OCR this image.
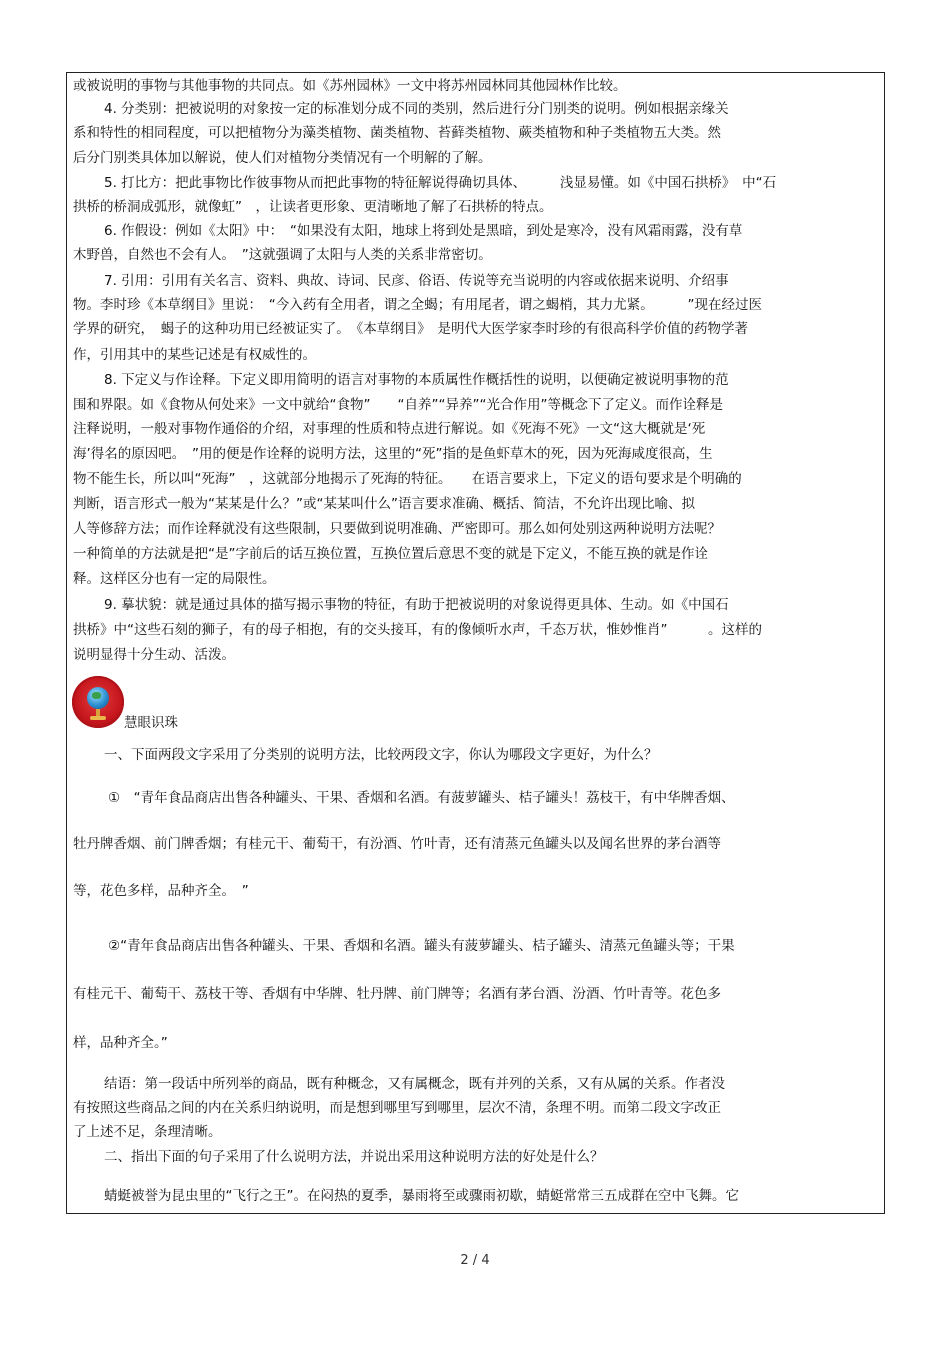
或被说明的事物与其他事物的共同点。如《苏州园林》一文中将苏州园林同其他园林作比较。
4. 分类别：把被说明的对象按一定的标准划分成不同的类别，然后进行分门别类的说明。例如根据亲缘关
系和特性的相同程度，可以把植物分为藻类植物、菌类植物、苔藓类植物、蕨类植物和种子类植物五大类。然
后分门别类具体加以解说，使人们对植物分类情况有一个明解的了解。
5. 打比方：把此事物比作彼事物从而把此事物的特征解说得确切具体、　　　浅显易懂。如《中国石拱桥》　中“石
拱桥的桥洞成弧形，就像虹”　，让读者更形象、更清晰地了解了石拱桥的特点。
6. 作假设：例如《太阳》中：　“如果没有太阳，地球上将到处是黑暗，到处是寒冷，没有风霜雨露，没有草
木野兽，自然也不会有人。　”这就强调了太阳与人类的关系非常密切。
7. 引用：引用有关名言、资料、典故、诗词、民彦、俗语、传说等充当说明的内容或依据来说明、介绍事
物。李时珍《本草纲目》里说：　“今入药有全用者，谓之全蝎；有用尾者，谓之蝎梢，其力尤紧。　　　”现在经过医
学界的研究，　蝎子的这种功用已经被证实了。　《本草纲目》　是明代大医学家李时珍的有很高科学价值的药物学著
作，引用其中的某些记述是有权威性的。
8. 下定义与作诠释。下定义即用简明的语言对事物的本质属性作概括性的说明，以便确定被说明事物的范
围和界限。如《食物从何处来》一文中就给“食物”　　“自养”“异养”“光合作用”等概念下了定义。而作诠释是
注释说明，一般对事物作通俗的介绍，对事理的性质和特点进行解说。如《死海不死》一文“这大概就是‘死
海’得名的原因吧。　”用的便是作诠释的说明方法，这里的“死”指的是鱼虾草木的死，因为死海咸度很高，生
物不能生长，所以叫“死海”　，这就部分地揭示了死海的特征。　　在语言要求上，下定义的语句要求是个明确的
判断，语言形式一般为“某某是什么？”或“某某叫什么”语言要求准确、概括、简洁，不允许出现比喻、拟
人等修辞方法；而作诠释就没有这些限制，只要做到说明准确、严密即可。那么如何处别这两种说明方法呢？
一种简单的方法就是把“是”字前后的话互换位置，互换位置后意思不变的就是下定义，不能互换的就是作诠
释。这样区分也有一定的局限性。
9. 摹状貌：就是通过具体的描写揭示事物的特征，有助于把被说明的对象说得更具体、生动。如《中国石
拱桥》中“这些石刻的狮子，有的母子相抱，有的交头接耳，有的像倾听水声，千态万状，惟妙惟肖”　　　。这样的
说明显得十分生动、活泼。
慧眼识珠
一、下面两段文字采用了分类别的说明方法，比较两段文字，你认为哪段文字更好，为什么？
①　“青年食品商店出售各种罐头、干果、香烟和名酒。有菠萝罐头、桔子罐头！荔枝干，有中华牌香烟、
牡丹牌香烟、前门牌香烟；有桂元干、葡萄干，有汾酒、竹叶青，还有清蒸元鱼罐头以及闻名世界的茅台酒等
等，花色多样，品种齐全。　”
②“青年食品商店出售各种罐头、干果、香烟和名酒。罐头有菠萝罐头、桔子罐头、清蒸元鱼罐头等；干果
有桂元干、葡萄干、荔枝干等、香烟有中华牌、牡丹牌、前门牌等；名酒有茅台酒、汾酒、竹叶青等。花色多
样，品种齐全。”
结语：第一段话中所列举的商品，既有种概念，又有属概念，既有并列的关系，又有从属的关系。作者没
有按照这些商品之间的内在关系归纳说明，而是想到哪里写到哪里，层次不清，条理不明。而第二段文字改正
了上述不足，条理清晰。
二、指出下面的句子采用了什么说明方法，并说出采用这种说明方法的好处是什么？
蜻蜓被誉为昆虫里的“飞行之王”。在闷热的夏季，暴雨将至或骤雨初歇，蜻蜓常常三五成群在空中飞舞。它
2 / 4
